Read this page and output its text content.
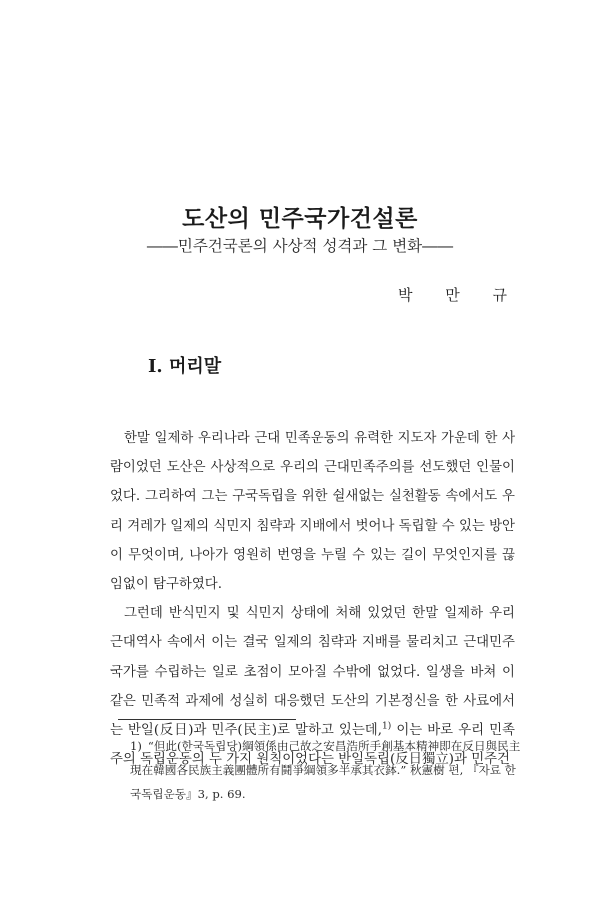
도산의 민주국가건설론
――민주건국론의 사상적 성격과 그 변화――
박 만 규
I. 머리말

한말 일제하 우리나라 근대 민족운동의 유력한 지도자 가운데 한 사람이었던 도산은 사상적으로 우리의 근대민족주의를 선도했던 인물이었다. 그리하여 그는 구국독립을 위한 쉴새없는 실천활동 속에서도 우리 겨레가 일제의 식민지 침략과 지배에서 벗어나 독립할 수 있는 방안이 무엇이며, 나아가 영원히 번영을 누릴 수 있는 길이 무엇인지를 끊임없이 탐구하였다.

그런데 반식민지 및 식민지 상태에 처해 있었던 한말 일제하 우리 근대역사 속에서 이는 결국 일제의 침략과 지배를 물리치고 근대민주국가를 수립하는 일로 초점이 모아질 수밖에 없었다. 일생을 바쳐 이 같은 민족적 과제에 성실히 대응했던 도산의 기본정신을 한 사료에서는 반일(反日)과 민주(民主)로 말하고 있는데,$^{1)}$ 이는 바로 우리 민족주의 독립운동의 두 가지 원칙이었다는 반일독립(反日獨立)과 민주건

1) “但此(한국독립당)綱領係由己故之安昌浩所手創基本精神即在反日與民主現在韓國各民族主義團體所有鬪爭綱領多半承其衣鉢.” 秋憲樹 편, 『자료 한국독립운동』3, p. 69.
